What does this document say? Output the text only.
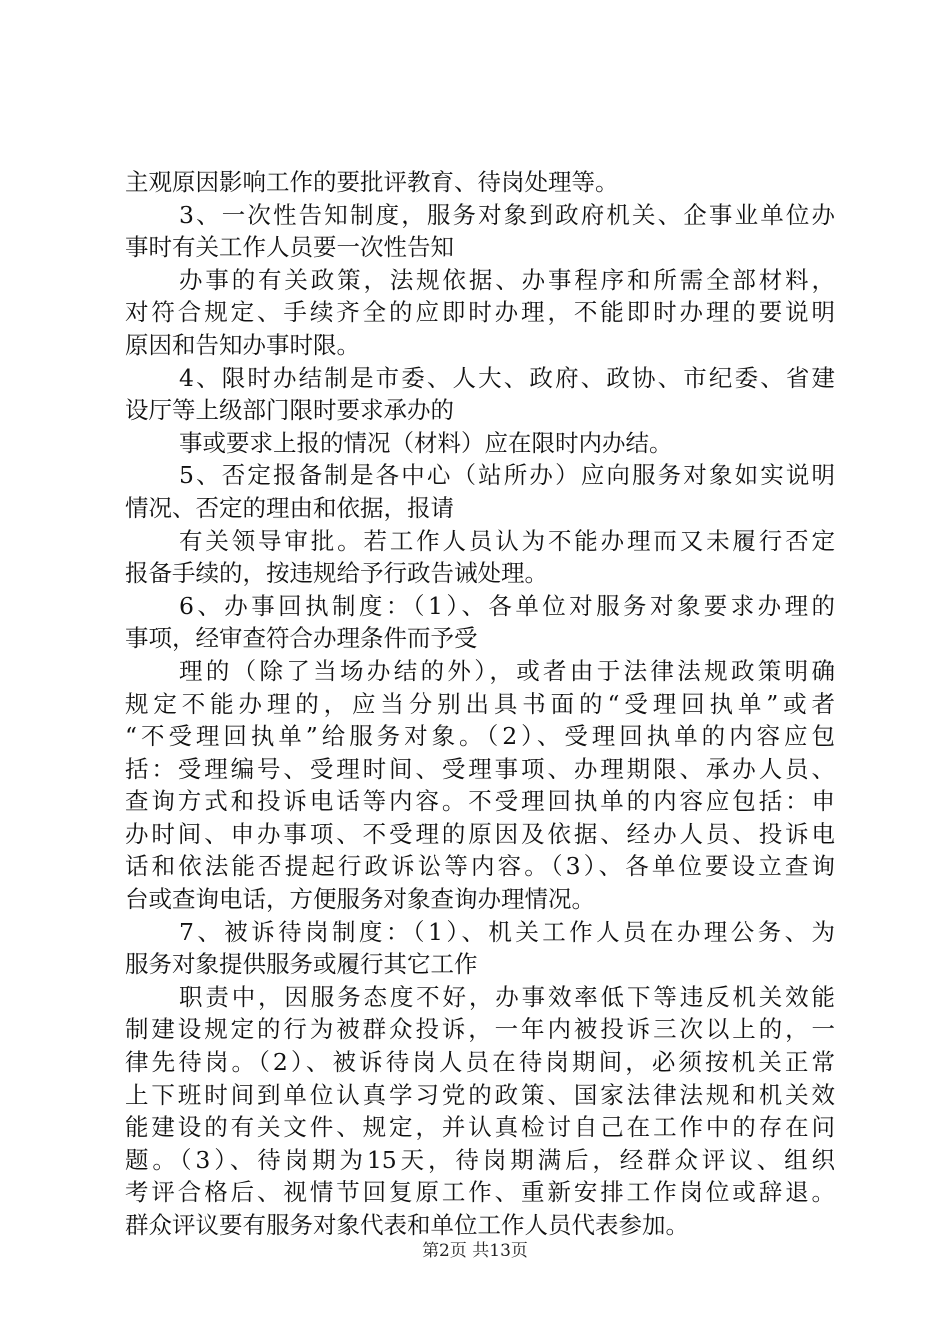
主观原因影响工作的要批评教育、待岗处理等。
3、一次性告知制度，服务对象到政府机关、企事业单位办
事时有关工作人员要一次性告知
办事的有关政策，法规依据、办事程序和所需全部材料，
对符合规定、手续齐全的应即时办理，不能即时办理的要说明
原因和告知办事时限。
4、限时办结制是市委、人大、政府、政协、市纪委、省建
设厅等上级部门限时要求承办的
事或要求上报的情况（材料）应在限时内办结。
5、否定报备制是各中心（站所办）应向服务对象如实说明
情况、否定的理由和依据，报请
有关领导审批。若工作人员认为不能办理而又未履行否定
报备手续的，按违规给予行政告诫处理。
6、办事回执制度：（1）、各单位对服务对象要求办理的
事项，经审查符合办理条件而予受
理的（除了当场办结的外），或者由于法律法规政策明确
规定不能办理的，应当分别出具书面的“受理回执单”或者
“不受理回执单”给服务对象。（2）、受理回执单的内容应包
括：受理编号、受理时间、受理事项、办理期限、承办人员、
查询方式和投诉电话等内容。不受理回执单的内容应包括：申
办时间、申办事项、不受理的原因及依据、经办人员、投诉电
话和依法能否提起行政诉讼等内容。（3）、各单位要设立查询
台或查询电话，方便服务对象查询办理情况。
7、被诉待岗制度：（1）、机关工作人员在办理公务、为
服务对象提供服务或履行其它工作
职责中，因服务态度不好，办事效率低下等违反机关效能
制建设规定的行为被群众投诉，一年内被投诉三次以上的，一
律先待岗。（2）、被诉待岗人员在待岗期间，必须按机关正常
上下班时间到单位认真学习党的政策、国家法律法规和机关效
能建设的有关文件、规定，并认真检讨自己在工作中的存在问
题。（3）、待岗期为15天，待岗期满后，经群众评议、组织
考评合格后、视情节回复原工作、重新安排工作岗位或辞退。
群众评议要有服务对象代表和单位工作人员代表参加。
第2页 共13页
